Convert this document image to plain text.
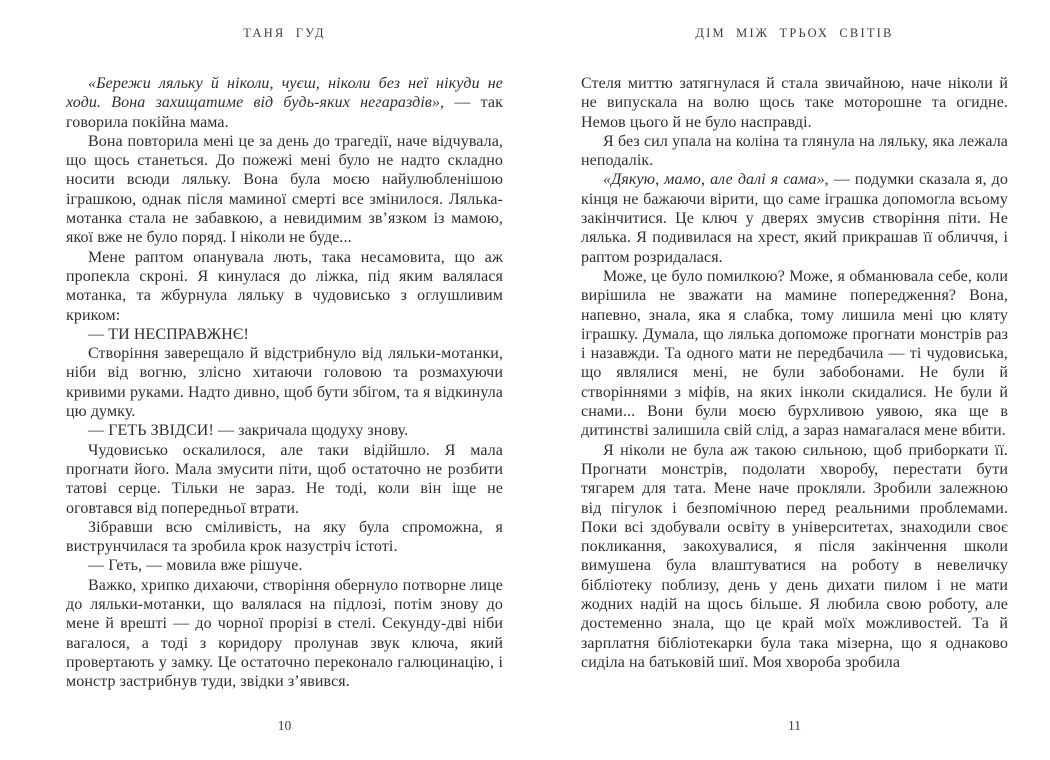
ТАНЯ ГУД

«Бережи ляльку й ніколи, чуєш, ніколи без неї нікуди не ходи. Вона захищатиме від будь-яких негараздів», — так говорила покійна мама.

Вона повторила мені це за день до трагедії, наче відчувала, що щось станеться. До пожежі мені було не надто складно носити всюди ляльку. Вона була моєю найулюбленішою іграшкою, однак після маминої смерті все змінилося. Лялька-мотанка стала не забавкою, а невидимим зв’язком із мамою, якої вже не було поряд. І ніколи не буде...

Мене раптом опанувала лють, така несамовита, що аж пропекла скроні. Я кинулася до ліжка, під яким валялася мотанка, та жбурнула ляльку в чудовисько з оглушливим криком:

— ТИ НЕСПРАВЖНЄ!

Створіння заверещало й відстрибнуло від ляльки-мотанки, ніби від вогню, злісно хитаючи головою та розмахуючи кривими руками. Надто дивно, щоб бути збігом, та я відкинула цю думку.

— ГЕТЬ ЗВІДСИ! — закричала щодуху знову.

Чудовисько оскалилося, але таки відійшло. Я мала прогнати його. Мала змусити піти, щоб остаточно не розбити татові серце. Тільки не зараз. Не тоді, коли він іще не оговтався від попередньої втрати.

Зібравши всю сміливість, на яку була спроможна, я виструнчилася та зробила крок назустріч істоті.

— Геть, — мовила вже рішуче.

Важко, хрипко дихаючи, створіння обернуло потворне лице до ляльки-мотанки, що валялася на підлозі, потім знову до мене й врешті — до чорної прорізі в стелі. Секунду-дві ніби вагалося, а тоді з коридору пролунав звук ключа, який провертають у замку. Це остаточно переконало галюцинацію, і монстр застрибнув туди, звідки з’явився.

10
ДІМ МІЖ ТРЬОХ СВІТІВ

Стеля миттю затягнулася й стала звичайною, наче ніколи й не випускала на волю щось таке моторошне та огидне. Немов цього й не було насправді.

Я без сил упала на коліна та глянула на ляльку, яка лежала неподалік.

«Дякую, мамо, але далі я сама», — подумки сказала я, до кінця не бажаючи вірити, що саме іграшка допомогла всьому закінчитися. Це ключ у дверях змусив створіння піти. Не лялька. Я подивилася на хрест, який прикрашав її обличчя, і раптом розридалася.

Може, це було помилкою? Може, я обманювала себе, коли вирішила не зважати на мамине попередження? Вона, напевно, знала, яка я слабка, тому лишила мені цю кляту іграшку. Думала, що лялька допоможе прогнати монстрів раз і назавжди. Та одного мати не передбачила — ті чудовиська, що являлися мені, не були забобонами. Не були й створіннями з міфів, на яких інколи скидалися. Не були й снами... Вони були моєю бурхливою уявою, яка ще в дитинстві залишила свій слід, а зараз намагалася мене вбити.

Я ніколи не була аж такою сильною, щоб приборкати її. Прогнати монстрів, подолати хворобу, перестати бути тягарем для тата. Мене наче прокляли. Зробили залежною від пігулок і безпомічною перед реальними проблемами. Поки всі здобували освіту в університетах, знаходили своє покликання, закохувалися, я після закінчення школи вимушена була влаштуватися на роботу в невеличку бібліотеку поблизу, день у день дихати пилом і не мати жодних надій на щось більше. Я любила свою роботу, але достеменно знала, що це край моїх можливостей. Та й зарплатня бібліотекарки була така мізерна, що я однаково сиділа на батьковій шиї. Моя хвороба зробила

11
